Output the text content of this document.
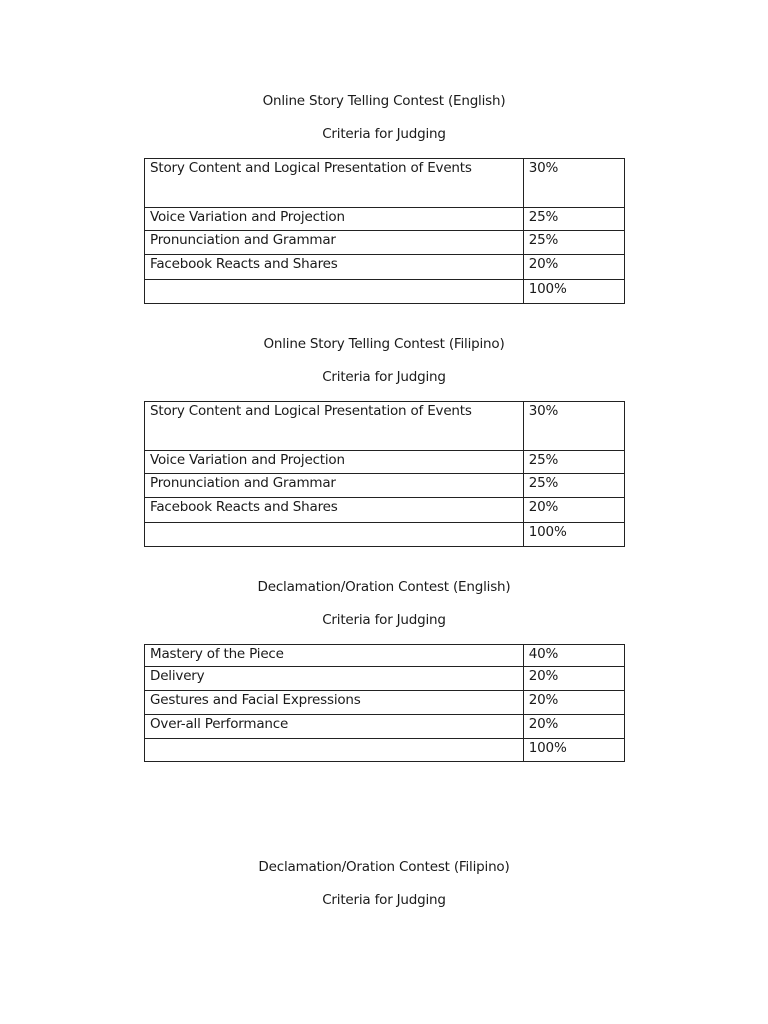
Online Story Telling Contest (English)
Criteria for Judging
Story Content and Logical Presentation of Events	30%
Voice Variation and Projection	25%
Pronunciation and Grammar	25%
Facebook Reacts and Shares	20%
	100%
Online Story Telling Contest (Filipino)
Criteria for Judging
Story Content and Logical Presentation of Events	30%
Voice Variation and Projection	25%
Pronunciation and Grammar	25%
Facebook Reacts and Shares	20%
	100%
Declamation/Oration Contest (English)
Criteria for Judging
Mastery of the Piece	40%
Delivery	20%
Gestures and Facial Expressions	20%
Over-all Performance	20%
	100%
Declamation/Oration Contest (Filipino)
Criteria for Judging
